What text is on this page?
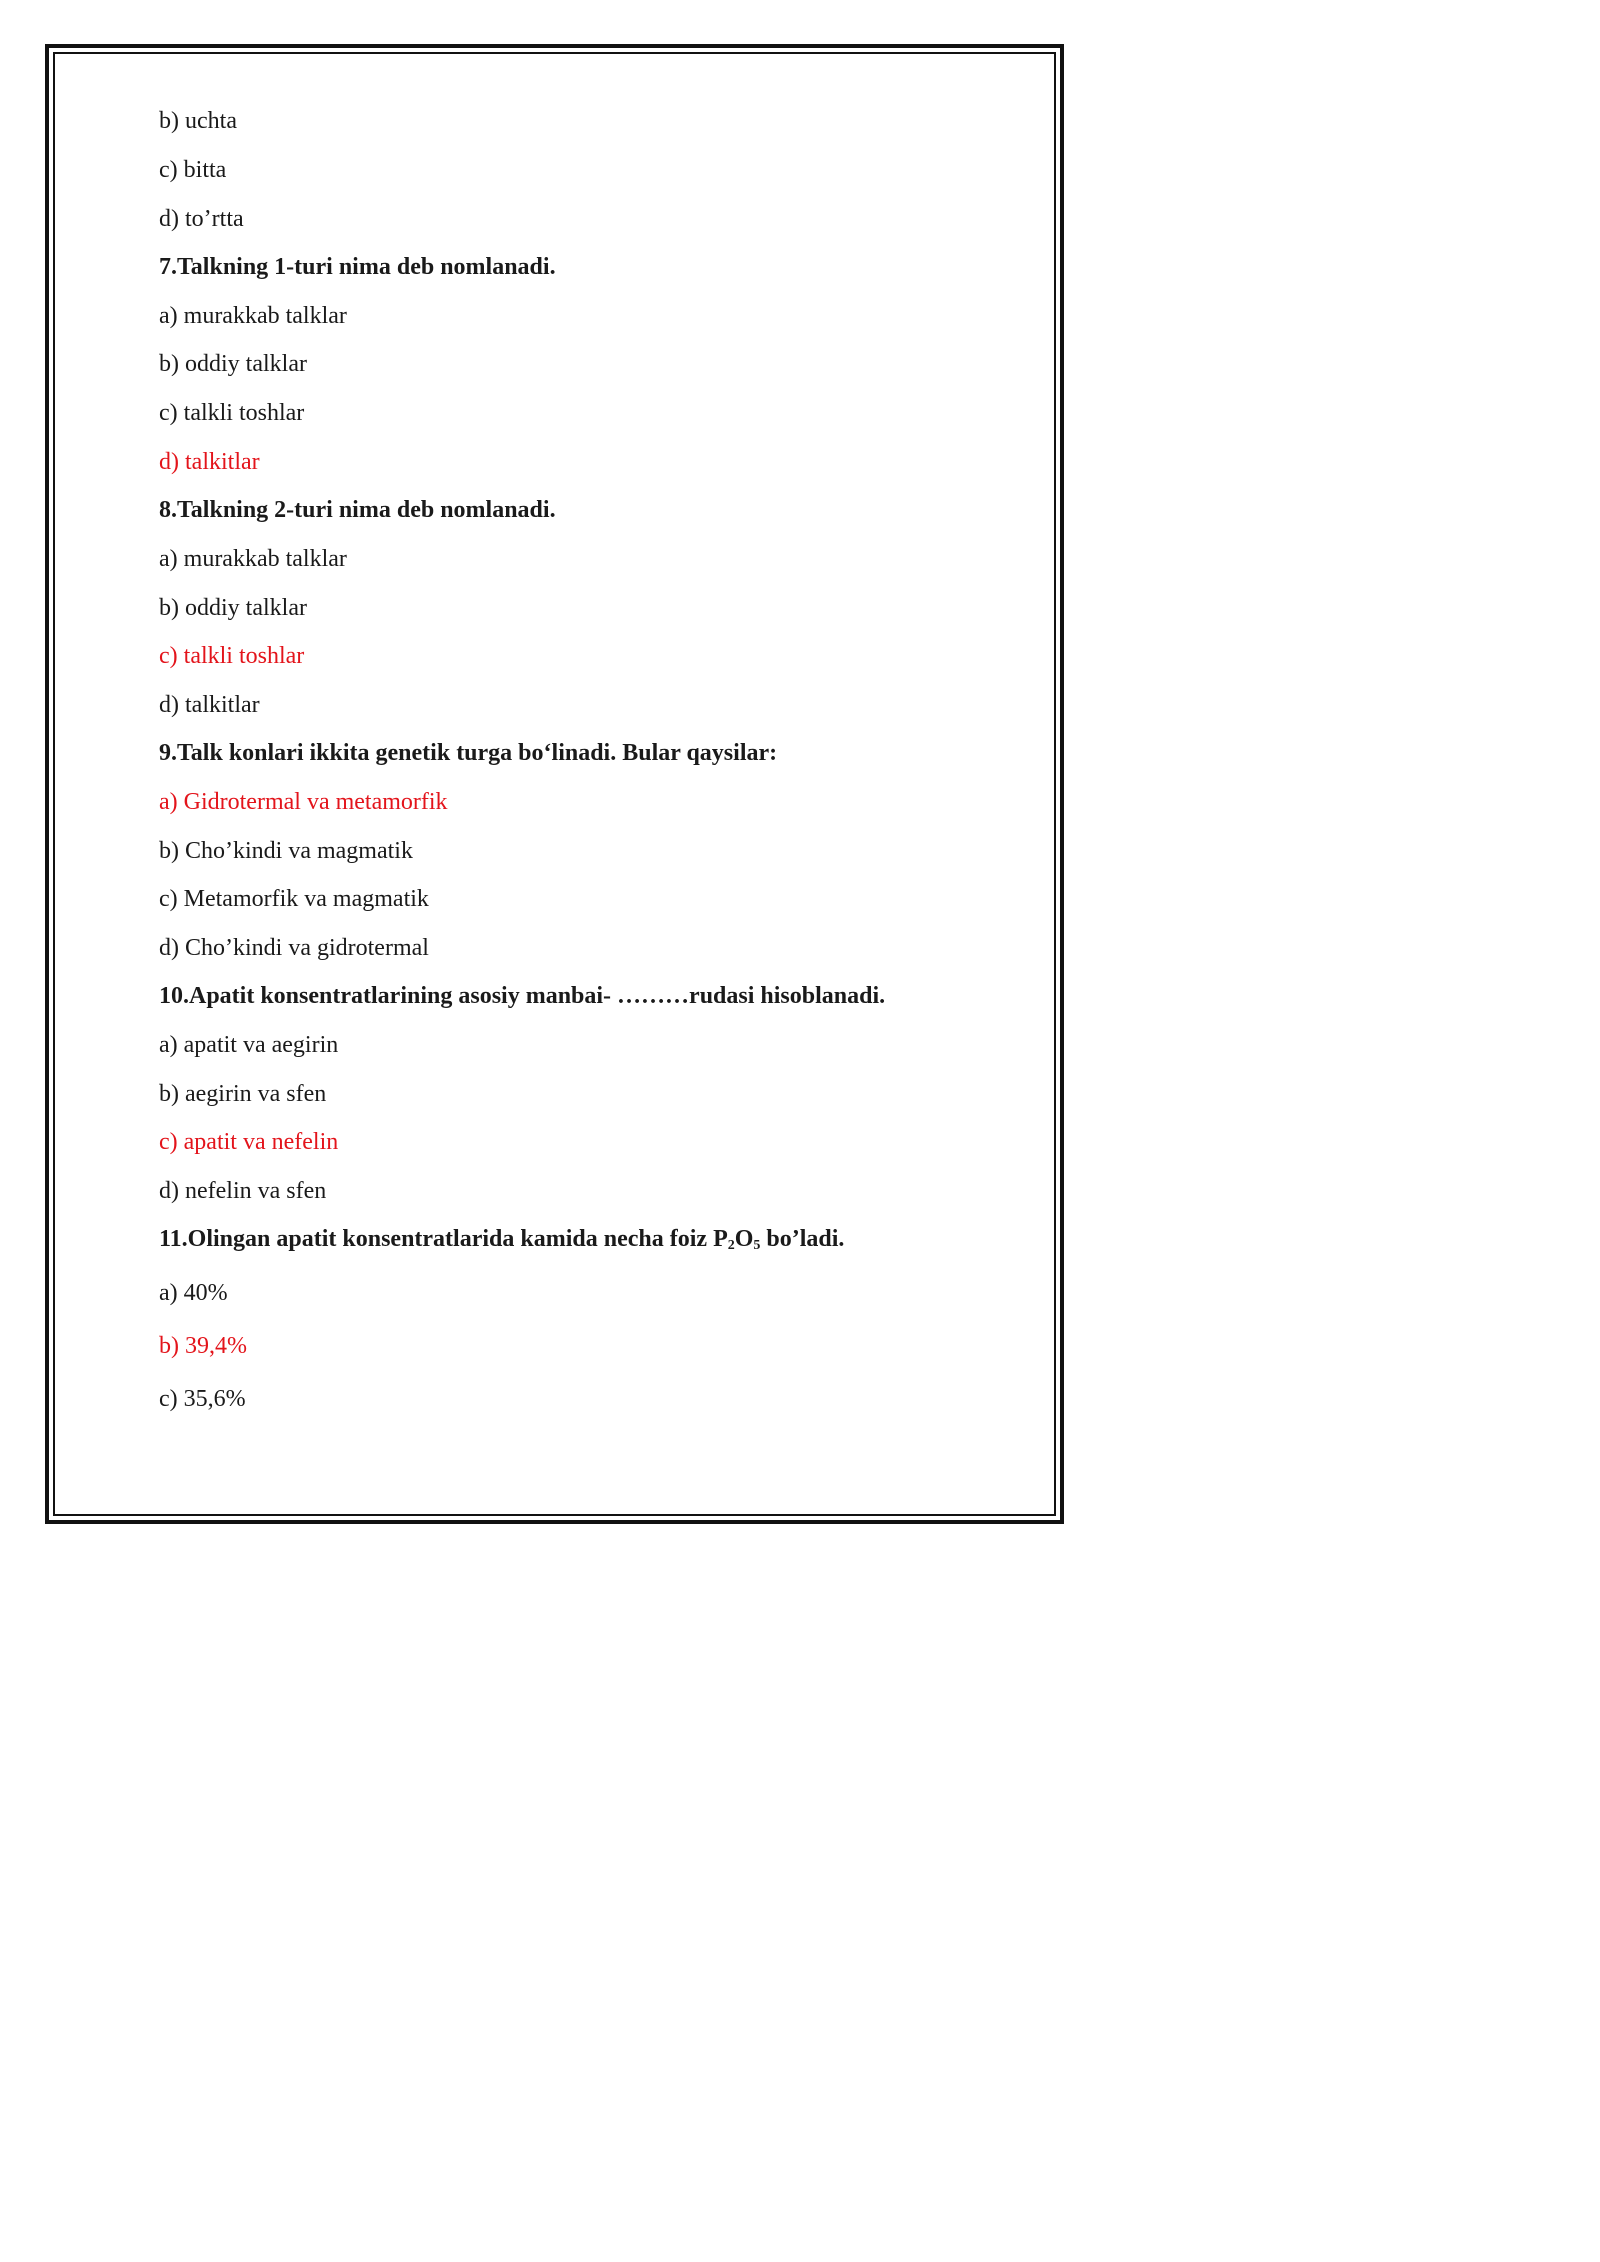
b) uchta
c) bitta
d) to’rtta
7.Talkning 1-turi nima deb nomlanadi.
a) murakkab talklar
b) oddiy talklar
c) talkli toshlar
d) talkitlar
8.Talkning 2-turi nima deb nomlanadi.
a) murakkab talklar
b) oddiy talklar
c) talkli toshlar
d) talkitlar
9.Talk konlari ikkita genetik turga bo‘linadi. Bular qaysilar:
a) Gidrotermal va metamorfik
b) Cho’kindi va magmatik
c) Metamorfik va magmatik
d) Cho’kindi va gidrotermal
10.Apatit konsentratlarining asosiy manbai- ………rudasi hisoblanadi.
a) apatit va aegirin
b) aegirin va sfen
c) apatit va nefelin
d) nefelin va sfen
11.Olingan apatit konsentratlarida kamida necha foiz $P_2O_5$ bo’ladi.
a) 40%
b) 39,4%
c) 35,6%
